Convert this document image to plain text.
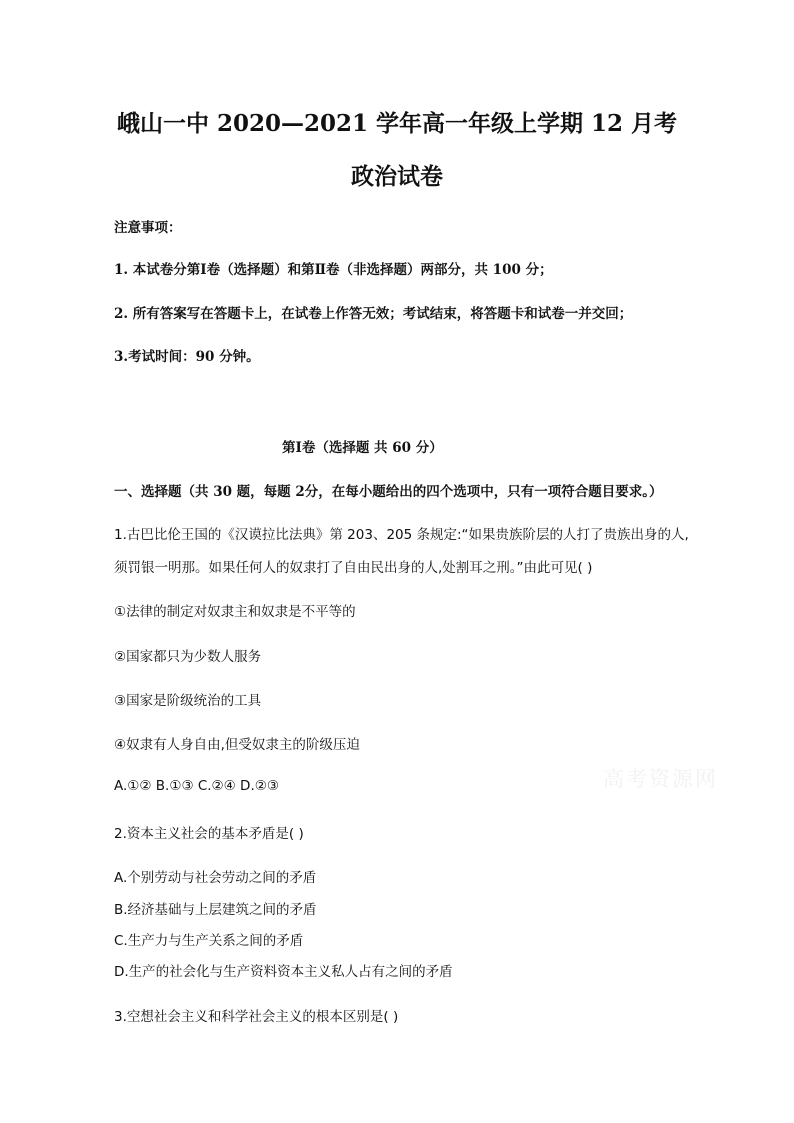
峨山一中 2020—2021 学年高一年级上学期 12 月考
政治试卷
注意事项：
1. 本试卷分第Ⅰ卷（选择题）和第Ⅱ卷（非选择题）两部分，共 100 分；
2. 所有答案写在答题卡上，在试卷上作答无效；考试结束，将答题卡和试卷一并交回；
3.考试时间：90 分钟。
第Ⅰ卷（选择题 共 60 分）
一、选择题（共 30 题，每题 2分，在每小题给出的四个选项中，只有一项符合题目要求。）
1.古巴比伦王国的《汉谟拉比法典》第 203、205 条规定:“如果贵族阶层的人打了贵族出身的人,
须罚银一明那。如果任何人的奴隶打了自由民出身的人,处割耳之刑。”由此可见( )
①法律的制定对奴隶主和奴隶是不平等的
②国家都只为少数人服务
③国家是阶级统治的工具
④奴隶有人身自由,但受奴隶主的阶级压迫
A.①② B.①③ C.②④ D.②③
2.资本主义社会的基本矛盾是( )
A.个别劳动与社会劳动之间的矛盾
B.经济基础与上层建筑之间的矛盾
C.生产力与生产关系之间的矛盾
D.生产的社会化与生产资料资本主义私人占有之间的矛盾
3.空想社会主义和科学社会主义的根本区别是( )
高考资源网
